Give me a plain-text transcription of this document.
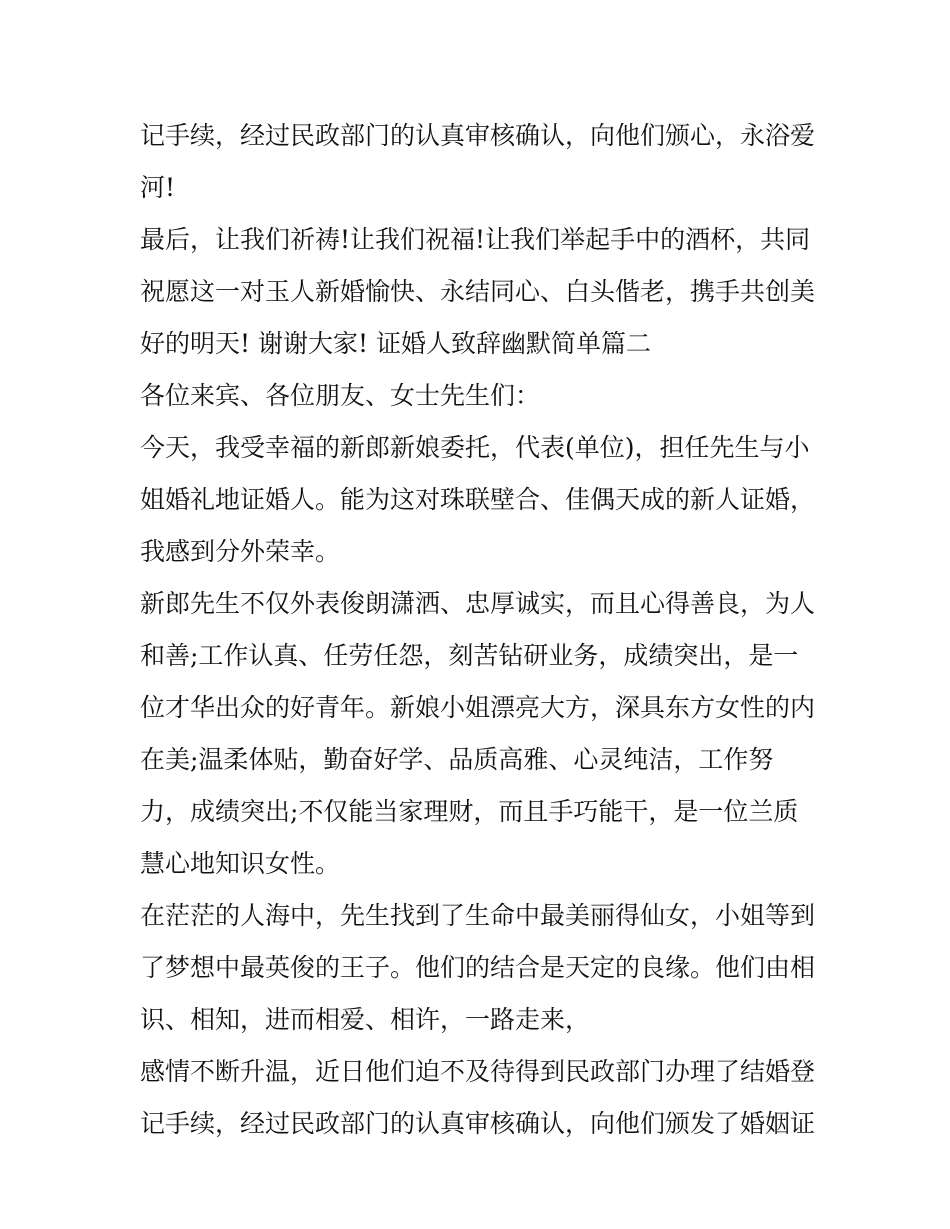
记手续，经过民政部门的认真审核确认，向他们颁心，永浴爱
河!
最后，让我们祈祷!让我们祝福!让我们举起手中的酒杯，共同
祝愿这一对玉人新婚愉快、永结同心、白头偕老，携手共创美
好的明天! 谢谢大家! 证婚人致辞幽默简单篇二
各位来宾、各位朋友、女士先生们：
今天，我受幸福的新郎新娘委托，代表(单位)，担任先生与小
姐婚礼地证婚人。能为这对珠联壁合、佳偶天成的新人证婚，
我感到分外荣幸。
新郎先生不仅外表俊朗潇洒、忠厚诚实，而且心得善良，为人
和善;工作认真、任劳任怨，刻苦钻研业务，成绩突出，是一
位才华出众的好青年。新娘小姐漂亮大方，深具东方女性的内
在美;温柔体贴，勤奋好学、品质高雅、心灵纯洁，工作努
力，成绩突出;不仅能当家理财，而且手巧能干，是一位兰质
慧心地知识女性。
在茫茫的人海中，先生找到了生命中最美丽得仙女，小姐等到
了梦想中最英俊的王子。他们的结合是天定的良缘。他们由相
识、相知，进而相爱、相许，一路走来，
感情不断升温，近日他们迫不及待得到民政部门办理了结婚登
记手续，经过民政部门的认真审核确认，向他们颁发了婚姻证
